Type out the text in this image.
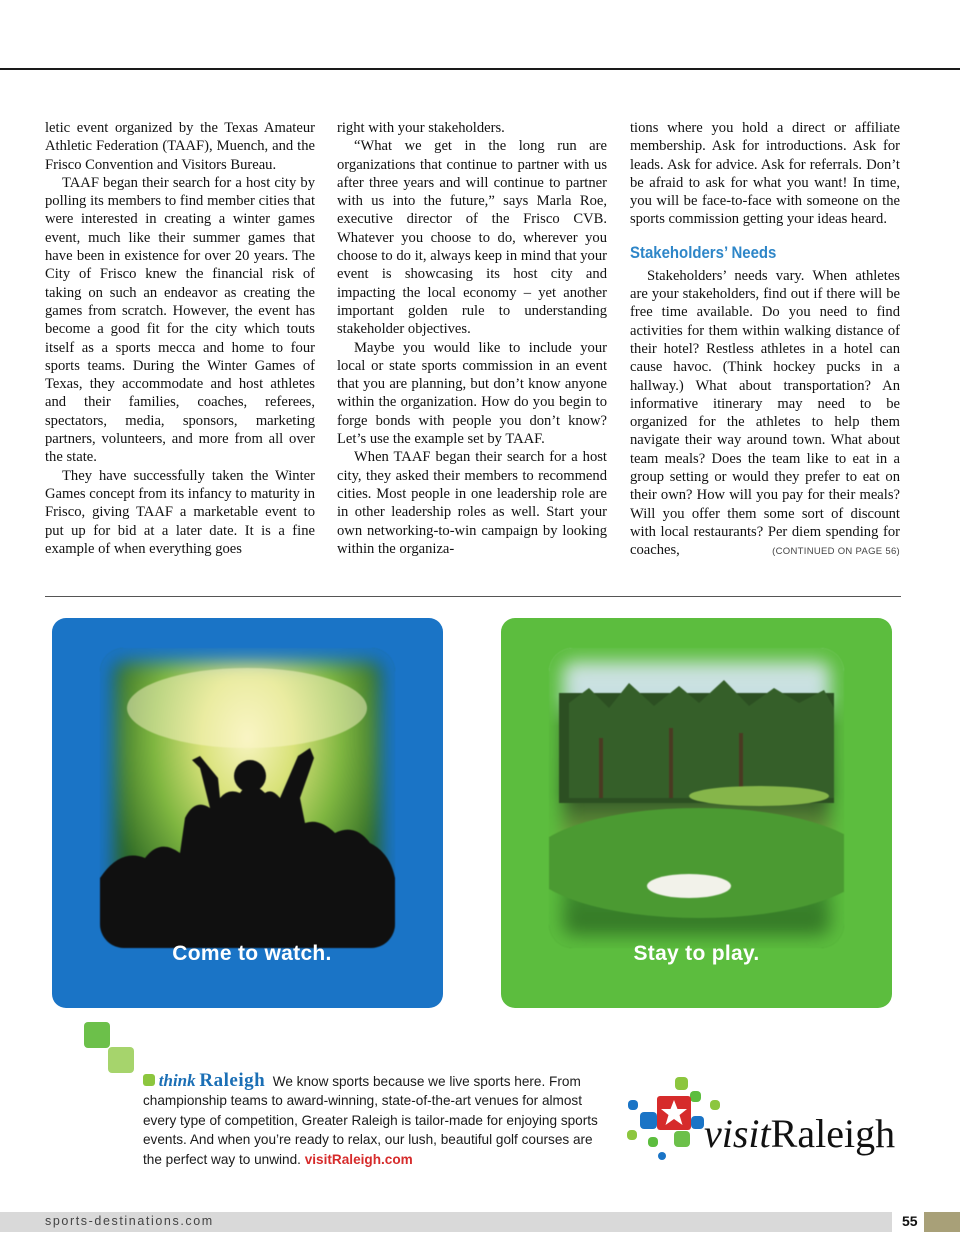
letic event organized by the Texas Amateur Athletic Federation (TAAF), Muench, and the Frisco Convention and Visitors Bureau.

TAAF began their search for a host city by polling its members to find member cities that were interested in creating a winter games event, much like their summer games that have been in existence for over 20 years. The City of Frisco knew the financial risk of taking on such an endeavor as creating the games from scratch. However, the event has become a good fit for the city which touts itself as a sports mecca and home to four sports teams. During the Winter Games of Texas, they accommodate and host athletes and their families, coaches, referees, spectators, media, sponsors, marketing partners, volunteers, and more from all over the state.

They have successfully taken the Winter Games concept from its infancy to maturity in Frisco, giving TAAF a marketable event to put up for bid at a later date. It is a fine example of when everything goes

right with your stakeholders.

“What we get in the long run are organizations that continue to partner with us after three years and will continue to partner with us into the future,” says Marla Roe, executive director of the Frisco CVB. Whatever you choose to do, wherever you choose to do it, always keep in mind that your event is showcasing its host city and impacting the local economy – yet another important golden rule to understanding stakeholder objectives.

Maybe you would like to include your local or state sports commission in an event that you are planning, but don’t know anyone within the organization. How do you begin to forge bonds with people you don’t know? Let’s use the example set by TAAF.

When TAAF began their search for a host city, they asked their members to recommend cities. Most people in one leadership role are in other leadership roles as well. Start your own networking-to-win campaign by looking within the organiza-

tions where you hold a direct or affiliate membership. Ask for introductions. Ask for leads. Ask for advice. Ask for referrals. Don’t be afraid to ask for what you want! In time, you will be face-to-face with someone on the sports commission getting your ideas heard.

Stakeholders’ Needs

Stakeholders’ needs vary. When athletes are your stakeholders, find out if there will be free time available. Do you need to find activities for them within walking distance of their hotel? Restless athletes in a hotel can cause havoc. (Think hockey pucks in a hallway.) What about transportation? An informative itinerary may need to be organized for the athletes to help them navigate their way around town. What about team meals? Does the team like to eat in a group setting or would they prefer to eat on their own? How will you pay for their meals? Will you offer them some sort of discount with local restaurants? Per diem spending for coaches,	(CONTINUED ON PAGE 56)

Come to watch.	Stay to play.
think Raleigh We know sports because we live sports here. From championship teams to award-winning, state-of-the-art venues for almost every type of competition, Greater Raleigh is tailor-made for enjoying sports events. And when you’re ready to relax, our lush, beautiful golf courses are the perfect way to unwind. visitRaleigh.com
visitRaleigh
sports-destinations.com	55
